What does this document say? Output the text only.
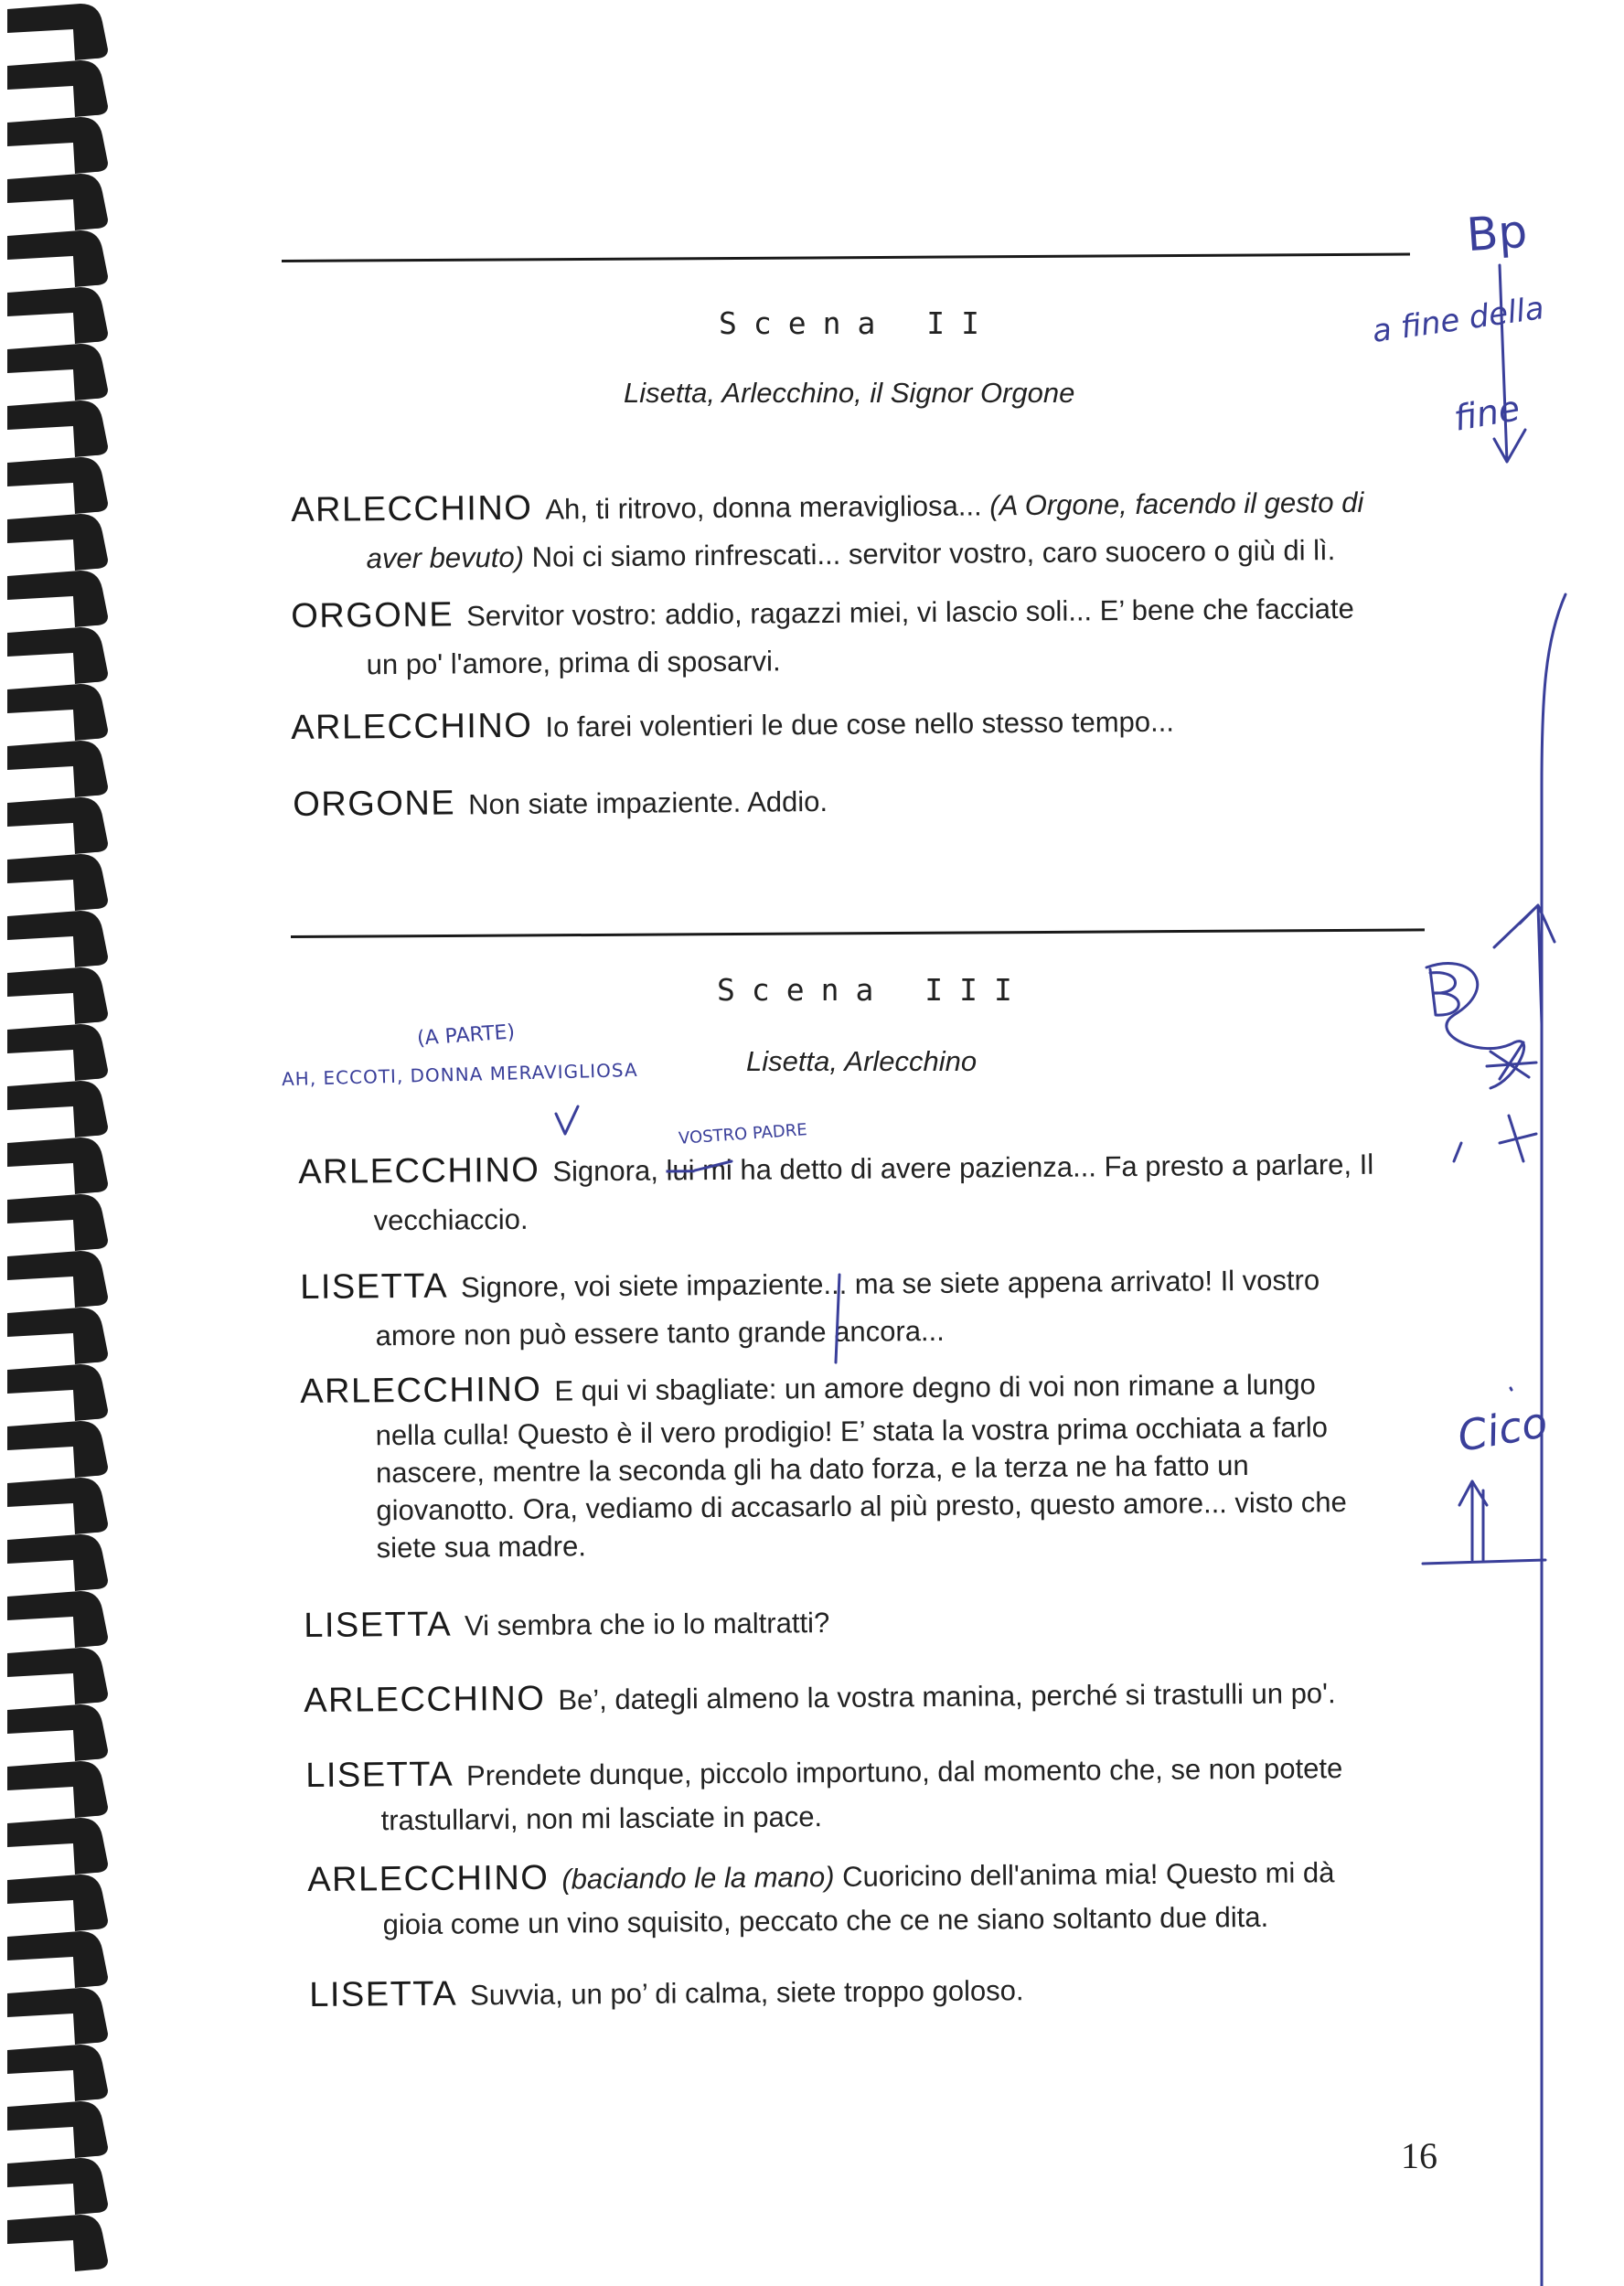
Scena II
Lisetta, Arlecchino, il Signor Orgone
ARLECCHINO Ah, ti ritrovo, donna meravigliosa... (A Orgone, facendo il gesto di
aver bevuto) Noi ci siamo rinfrescati... servitor vostro, caro suocero o giù di lì.
ORGONE Servitor vostro: addio, ragazzi miei, vi lascio soli... E’ bene che facciate
un po' l'amore, prima di sposarvi.
ARLECCHINO Io farei volentieri le due cose nello stesso tempo...
ORGONE Non siate impaziente. Addio.
Scena III
Lisetta, Arlecchino
ARLECCHINO Signora, lui mi ha detto di avere pazienza... Fa presto a parlare, Il
vecchiaccio.
LISETTA Signore, voi siete impaziente... ma se siete appena arrivato! Il vostro
amore non può essere tanto grande ancora...
ARLECCHINO E qui vi sbagliate: un amore degno di voi non rimane a lungo
nella culla! Questo è il vero prodigio! E’ stata la vostra prima occhiata a farlo
nascere, mentre la seconda gli ha dato forza, e la terza ne ha fatto un
giovanotto. Ora, vediamo di accasarlo al più presto, questo amore... visto che
siete sua madre.
LISETTA Vi sembra che io lo maltratti?
ARLECCHINO Be’, dategli almeno la vostra manina, perché si trastulli un po'.
LISETTA Prendete dunque, piccolo importuno, dal momento che, se non potete
trastullarvi, non mi lasciate in pace.
ARLECCHINO (baciando le la mano) Cuoricino dell'anima mia! Questo mi dà
gioia come un vino squisito, peccato che ce ne siano soltanto due dita.
LISETTA Suvvia, un po’ di calma, siete troppo goloso.
16
Bp
a fine della
fine
(A PARTE)
AH, ECCOTI, DONNA MERAVIGLIOSA
VOSTRO PADRE
Cico
